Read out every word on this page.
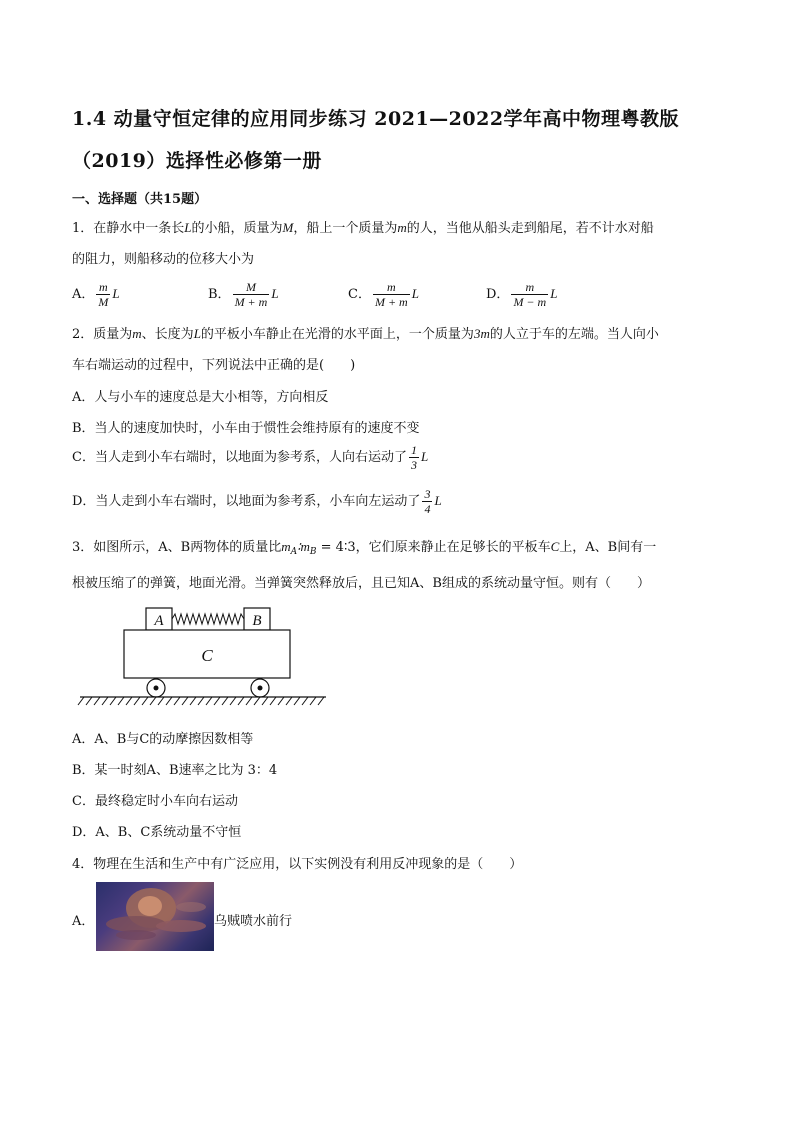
1.4 动量守恒定律的应用同步练习 2021—2022学年高中物理粤教版
（2019）选择性必修第一册
一、选择题（共15题）
1．在静水中一条长L的小船，质量为M，船上一个质量为m的人，当他从船头走到船尾，若不计水对船
的阻力，则船移动的位移大小为
A． $\frac{m}{M}$ L	B． $\frac{M}{M + m}$ L	C． $\frac{m}{M + m}$ L	D． $\frac{m}{M - m}$ L
2．质量为m、长度为L的平板小车静止在光滑的水平面上，一个质量为3m的人立于车的左端。当人向小
车右端运动的过程中，下列说法中正确的是(　　)
A．人与小车的速度总是大小相等，方向相反
B．当人的速度加快时，小车由于惯性会维持原有的速度不变
C．当人走到小车右端时，以地面为参考系，人向右运动了 $\frac{1}{3}$ L
D．当人走到小车右端时，以地面为参考系，小车向左运动了 $\frac{3}{4}$ L
3．如图所示，A、B两物体的质量比$m_A∶m_B$ = 4∶3，它们原来静止在足够长的平板车C上，A、B间有一
根被压缩了的弹簧，地面光滑。当弹簧突然释放后，且已知A、B组成的系统动量守恒。则有（　　）
A	B
C
A．A、B与C的动摩擦因数相等
B．某一时刻A、B速率之比为 3：4
C．最终稳定时小车向右运动
D．A、B、C系统动量不守恒
4．物理在生活和生产中有广泛应用，以下实例没有利用反冲现象的是（　　）
A．	乌贼喷水前行
